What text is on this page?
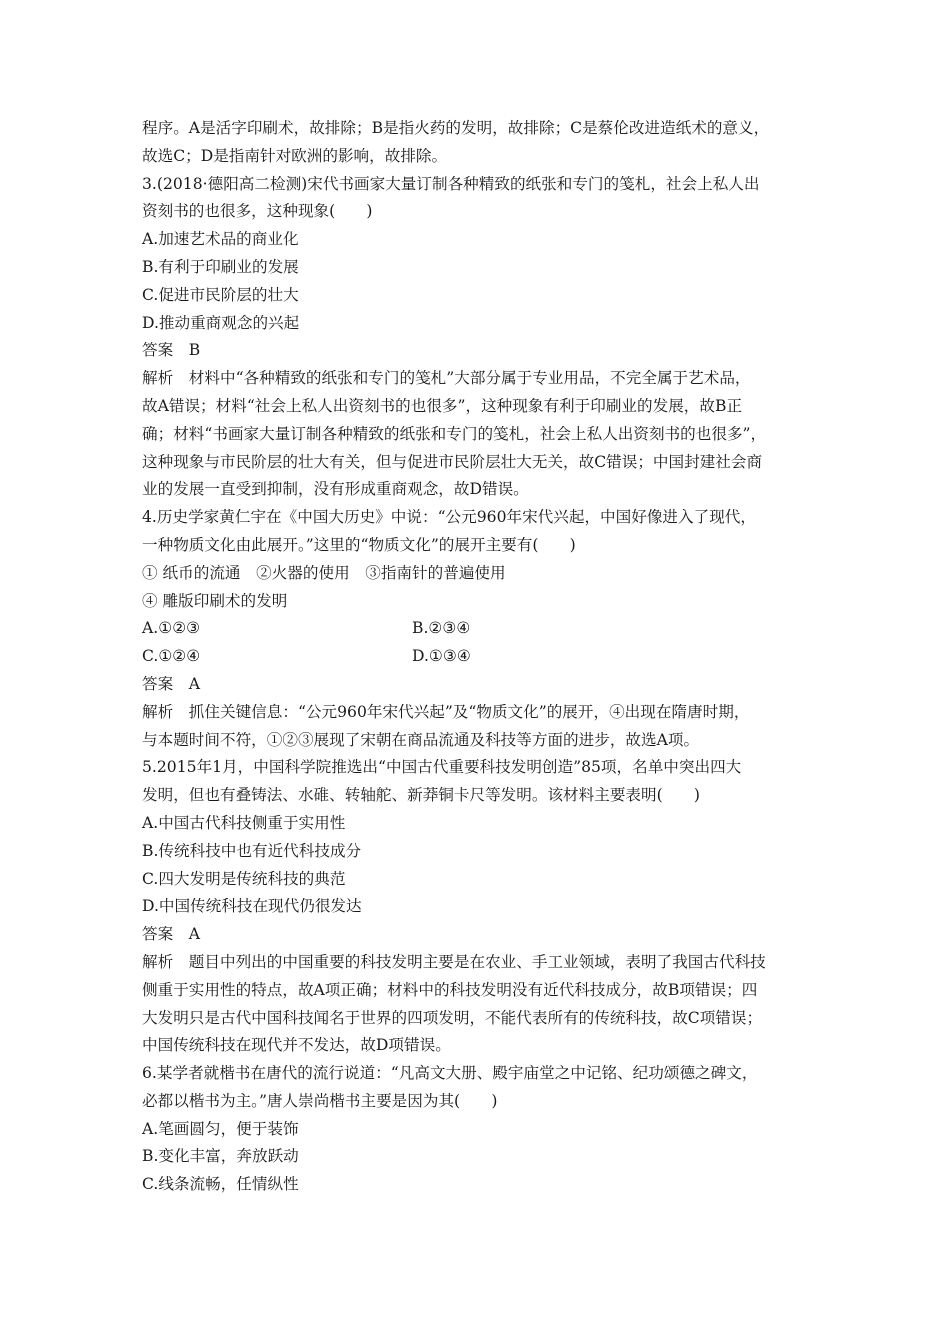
程序。A是活字印刷术，故排除；B是指火药的发明，故排除；C是蔡伦改进造纸术的意义，
故选C；D是指南针对欧洲的影响，故排除。
3.(2018·德阳高二检测)宋代书画家大量订制各种精致的纸张和专门的笺札，社会上私人出
资刻书的也很多，这种现象(　　)
A.加速艺术品的商业化
B.有利于印刷业的发展
C.促进市民阶层的壮大
D.推动重商观念的兴起
答案　B
解析　材料中“各种精致的纸张和专门的笺札”大部分属于专业用品，不完全属于艺术品，
故A错误；材料“社会上私人出资刻书的也很多”，这种现象有利于印刷业的发展，故B正
确；材料“书画家大量订制各种精致的纸张和专门的笺札，社会上私人出资刻书的也很多”，
这种现象与市民阶层的壮大有关，但与促进市民阶层壮大无关，故C错误；中国封建社会商
业的发展一直受到抑制，没有形成重商观念，故D错误。
4.历史学家黄仁宇在《中国大历史》中说：“公元960年宋代兴起，中国好像进入了现代，
一种物质文化由此展开。”这里的“物质文化”的展开主要有(　　)
① 纸币的流通　②火器的使用　③指南针的普遍使用
④ 雕版印刷术的发明
A.①②③	B.②③④
C.①②④	D.①③④
答案　A
解析　抓住关键信息：“公元960年宋代兴起”及“物质文化”的展开，④出现在隋唐时期，
与本题时间不符，①②③展现了宋朝在商品流通及科技等方面的进步，故选A项。
5.2015年1月，中国科学院推选出“中国古代重要科技发明创造”85项，名单中突出四大
发明，但也有叠铸法、水碓、转轴舵、新莽铜卡尺等发明。该材料主要表明(　　)
A.中国古代科技侧重于实用性
B.传统科技中也有近代科技成分
C.四大发明是传统科技的典范
D.中国传统科技在现代仍很发达
答案　A
解析　题目中列出的中国重要的科技发明主要是在农业、手工业领域，表明了我国古代科技
侧重于实用性的特点，故A项正确；材料中的科技发明没有近代科技成分，故B项错误；四
大发明只是古代中国科技闻名于世界的四项发明，不能代表所有的传统科技，故C项错误；
中国传统科技在现代并不发达，故D项错误。
6.某学者就楷书在唐代的流行说道：“凡高文大册、殿宇庙堂之中记铭、纪功颂德之碑文，
必都以楷书为主。”唐人崇尚楷书主要是因为其(　　)
A.笔画圆匀，便于装饰
B.变化丰富，奔放跃动
C.线条流畅，任情纵性
